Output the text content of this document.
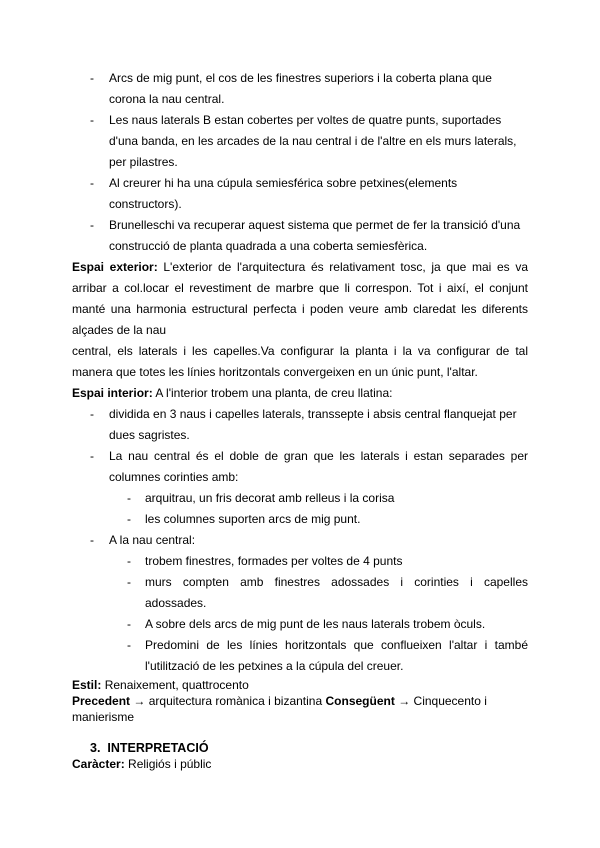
- Arcs de mig punt, el cos de les finestres superiors i la coberta plana que
corona la nau central.
- Les naus laterals B estan cobertes per voltes de quatre punts, suportades
d'una banda, en les arcades de la nau central i de l'altre en els murs laterals,
per pilastres.
- Al creurer hi ha una cúpula semiesférica sobre petxines(elements
constructors).
- Brunelleschi va recuperar aquest sistema que permet de fer la transició d'una
construcció de planta quadrada a una coberta semiesfèrica.
Espai exterior: L'exterior de l'arquitectura és relativament tosc, ja que mai es va
arribar a col.locar el revestiment de marbre que li correspon. Tot i així, el conjunt
manté una harmonia estructural perfecta i poden veure amb claredat les diferents
alçades de la nau
central, els laterals i les capelles.Va configurar la planta i la va configurar de tal
manera que totes les línies horitzontals convergeixen en un únic punt, l'altar.
Espai interior: A l'interior trobem una planta, de creu llatina:
- dividida en 3 naus i capelles laterals, transsepte i absis central flanquejat per
dues sagristes.
- La nau central és el doble de gran que les laterals i estan separades per
columnes corinties amb:
- arquitrau, un fris decorat amb relleus i la corisa
- les columnes suporten arcs de mig punt.
- A la nau central:
- trobem finestres, formades per voltes de 4 punts
- murs compten amb finestres adossades i corinties i capelles
adossades.
- A sobre dels arcs de mig punt de les naus laterals trobem òculs.
- Predomini de les línies horitzontals que conflueixen l'altar i també
l'utilització de les petxines a la cúpula del creuer.
Estil: Renaixement, quattrocento
Precedent → arquitectura romànica i bizantina Consegüent → Cinquecento i
manierisme
3. INTERPRETACIÓ
Caràcter: Religiós i públic
